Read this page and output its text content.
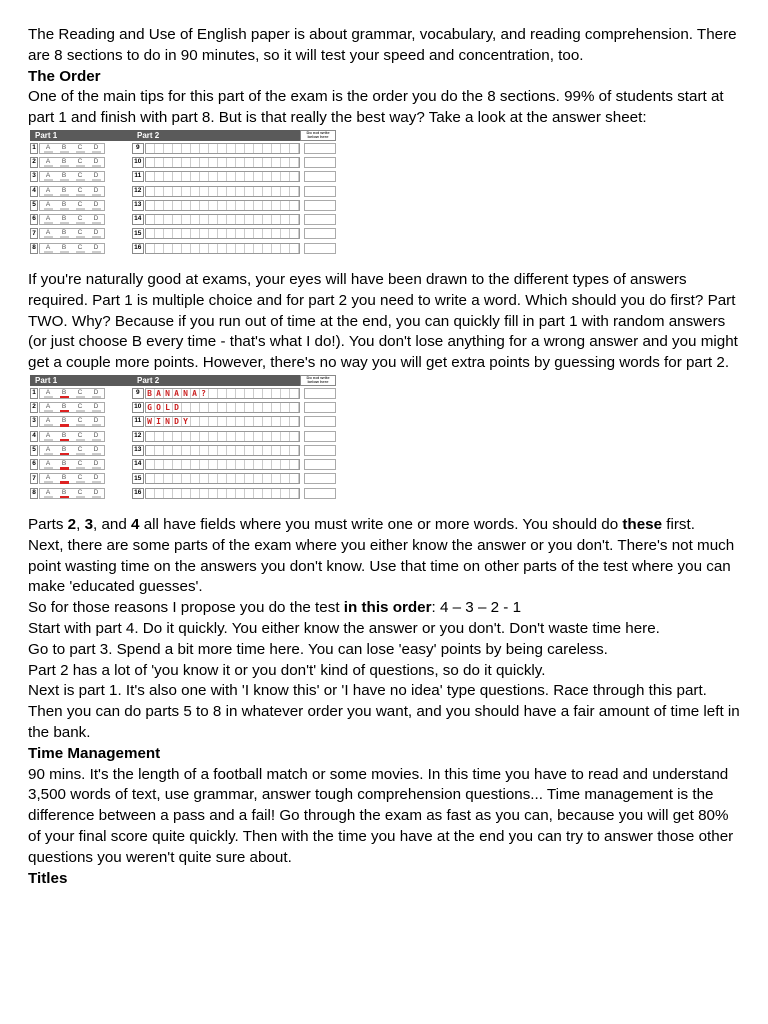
The Reading and Use of English paper is about grammar, vocabulary, and reading comprehension. There are 8 sections to do in 90 minutes, so it will test your speed and concentration, too.

The Order

One of the main tips for this part of the exam is the order you do the 8 sections. 99% of students start at part 1 and finish with part 8. But is that really the best way? Take a look at the answer sheet:

Part 1
1	A	B	C	D
2	A	B	C	D
3	A	B	C	D
4	A	B	C	D
5	A	B	C	D
6	A	B	C	D
7	A	B	C	D
8	A	B	C	D
Part 2	Do not write below here
9

10

11

12

13

14

15

16

If you're naturally good at exams, your eyes will have been drawn to the different types of answers required. Part 1 is multiple choice and for part 2 you need to write a word. Which should you do first? Part TWO. Why? Because if you run out of time at the end, you can quickly fill in part 1 with random answers (or just choose B every time - that's what I do!). You don't lose anything for a wrong answer and you might get a couple more points. However, there's no way you will get extra points by guessing words for part 2.

Part 1
1	A	B	C	D
2	A	B	C	D
3	A	B	C	D
4	A	B	C	D
5	A	B	C	D
6	A	B	C	D
7	A	B	C	D
8	A	B	C	D
Part 2	Do not write below here
9 B A N A N A ?

10 G O L D

11 W I N D Y

12

13

14

15

16

Parts 2, 3, and 4 all have fields where you must write one or more words. You should do these first.

Next, there are some parts of the exam where you either know the answer or you don't. There's not much point wasting time on the answers you don't know. Use that time on other parts of the test where you can make 'educated guesses'.

So for those reasons I propose you do the test in this order: 4 – 3 – 2 - 1

Start with part 4. Do it quickly. You either know the answer or you don't. Don't waste time here.

Go to part 3. Spend a bit more time here. You can lose 'easy' points by being careless.

Part 2 has a lot of 'you know it or you don't' kind of questions, so do it quickly.

Next is part 1. It's also one with 'I know this' or 'I have no idea' type questions. Race through this part.

Then you can do parts 5 to 8 in whatever order you want, and you should have a fair amount of time left in the bank.

Time Management

90 mins. It's the length of a football match or some movies. In this time you have to read and understand 3,500 words of text, use grammar, answer tough comprehension questions... Time management is the difference between a pass and a fail! Go through the exam as fast as you can, because you will get 80% of your final score quite quickly. Then with the time you have at the end you can try to answer those other questions you weren't quite sure about.

Titles
